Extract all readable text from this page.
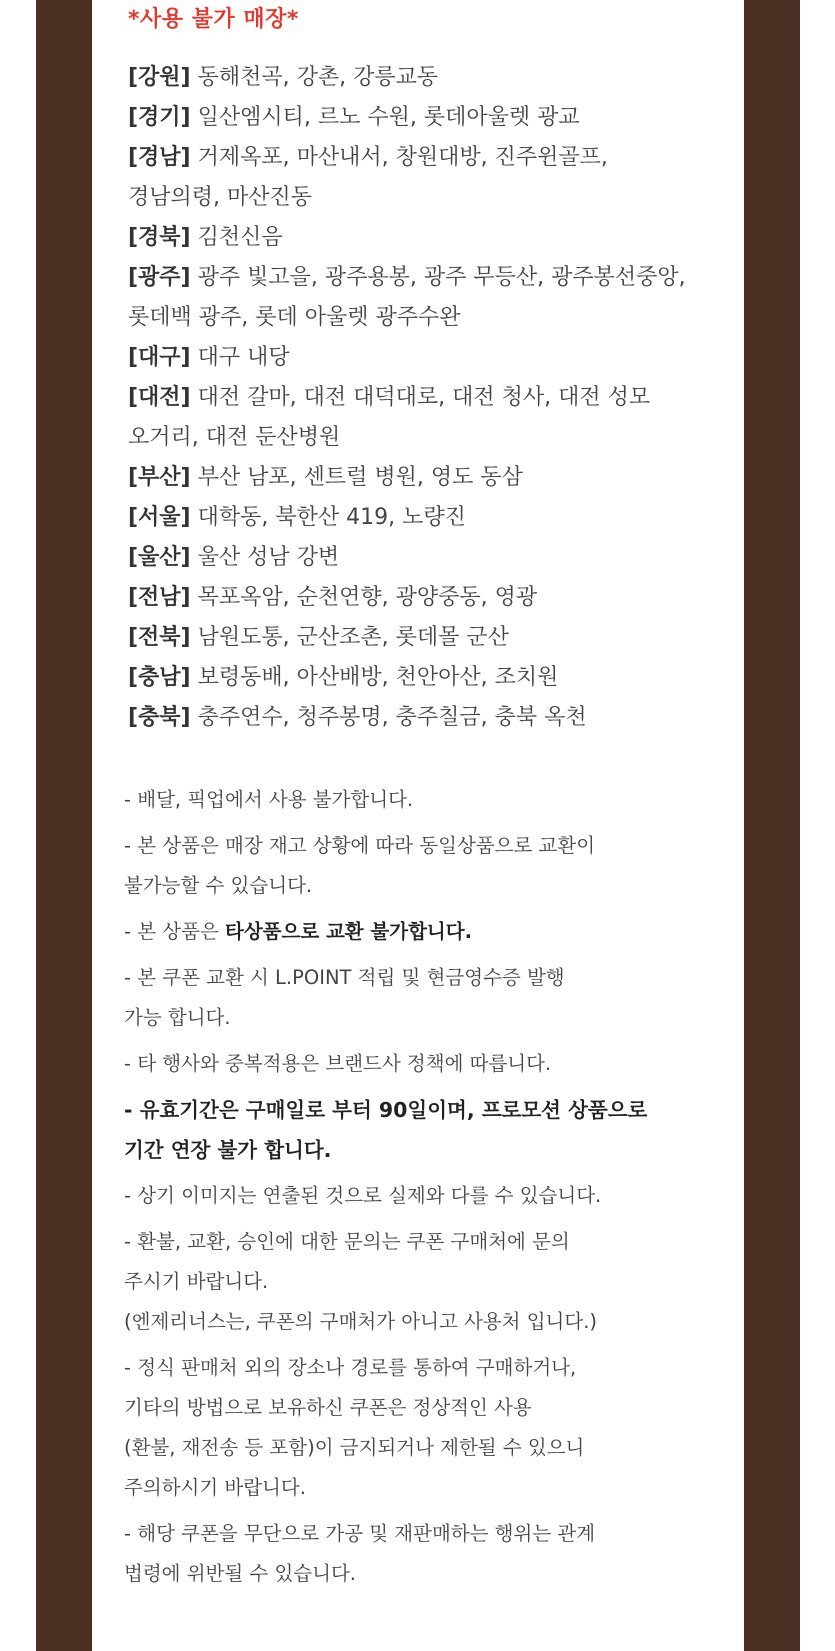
*사용 불가 매장*
[강원] 동해천곡, 강촌, 강릉교동
[경기] 일산엠시티, 르노 수원, 롯데아울렛 광교
[경남] 거제옥포, 마산내서, 창원대방, 진주윈골프,
경남의령, 마산진동
[경북] 김천신음
[광주] 광주 빛고을, 광주용봉, 광주 무등산, 광주봉선중앙,
롯데백 광주, 롯데 아울렛 광주수완
[대구] 대구 내당
[대전] 대전 갈마, 대전 대덕대로, 대전 청사, 대전 성모
오거리, 대전 둔산병원
[부산] 부산 남포, 센트럴 병원, 영도 동삼
[서울] 대학동, 북한산 419, 노량진
[울산] 울산 성남 강변
[전남] 목포옥암, 순천연향, 광양중동, 영광
[전북] 남원도통, 군산조촌, 롯데몰 군산
[충남] 보령동배, 아산배방, 천안아산, 조치원
[충북] 충주연수, 청주봉명, 충주칠금, 충북 옥천
- 배달, 픽업에서 사용 불가합니다.
- 본 상품은 매장 재고 상황에 따라 동일상품으로 교환이
불가능할 수 있습니다.
- 본 상품은 타상품으로 교환 불가합니다.
- 본 쿠폰 교환 시 L.POINT 적립 및 현금영수증 발행
가능 합니다.
- 타 행사와 중복적용은 브랜드사 정책에 따릅니다.
- 유효기간은 구매일로 부터 90일이며, 프로모션 상품으로
기간 연장 불가 합니다.
- 상기 이미지는 연출된 것으로 실제와 다를 수 있습니다.
- 환불, 교환, 승인에 대한 문의는 쿠폰 구매처에 문의
주시기 바랍니다.
(엔제리너스는, 쿠폰의 구매처가 아니고 사용처 입니다.)
- 정식 판매처 외의 장소나 경로를 통하여 구매하거나,
기타의 방법으로 보유하신 쿠폰은 정상적인 사용
(환불, 재전송 등 포함)이 금지되거나 제한될 수 있으니
주의하시기 바랍니다.
- 해당 쿠폰을 무단으로 가공 및 재판매하는 행위는 관계
법령에 위반될 수 있습니다.
